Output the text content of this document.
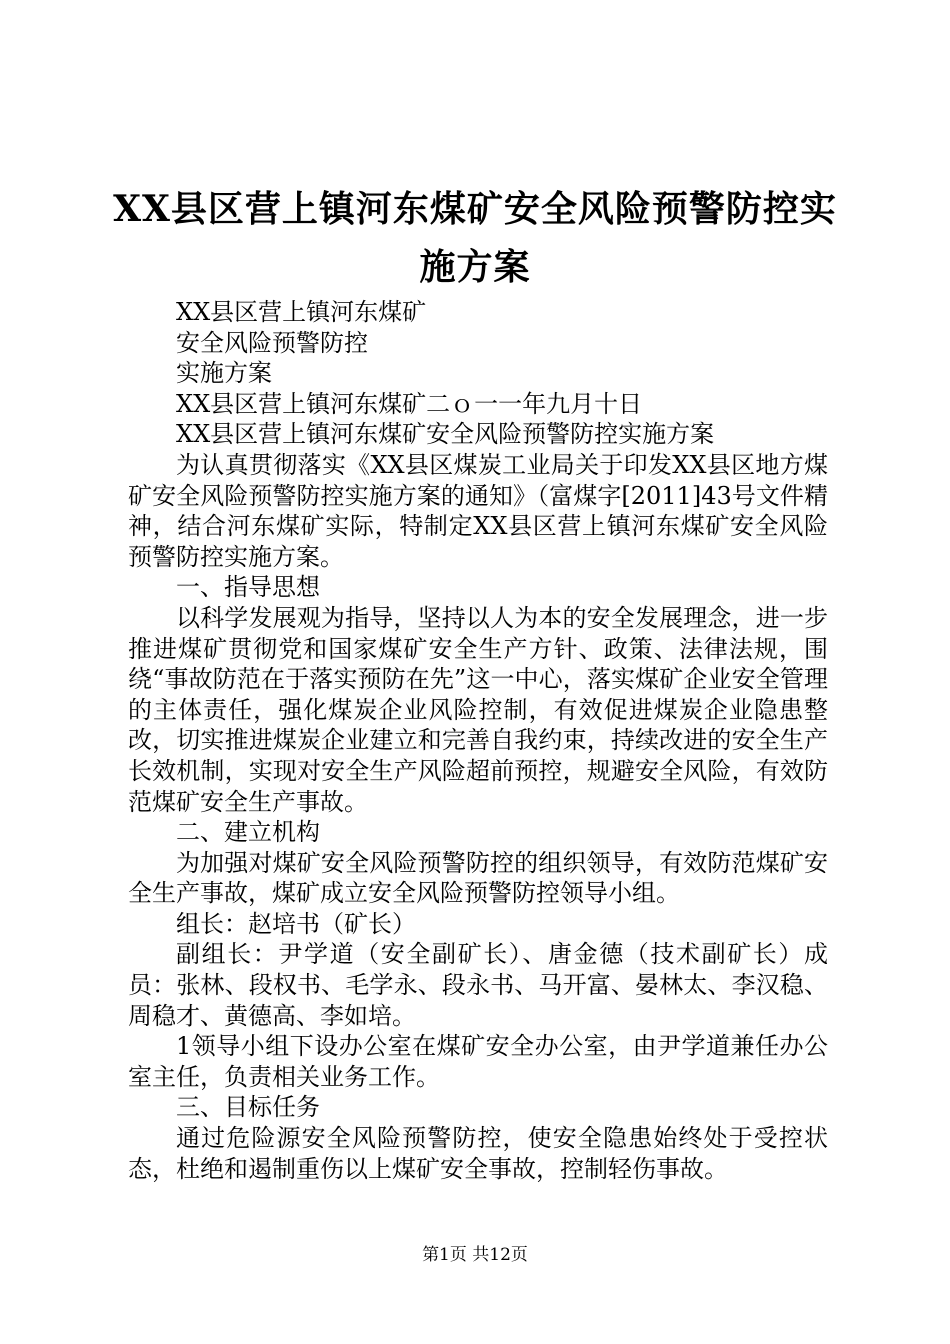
XX县区营上镇河东煤矿安全风险预警防控实施方案

XX县区营上镇河东煤矿

安全风险预警防控

实施方案

XX县区营上镇河东煤矿二ｏ一一年九月十日

XX县区营上镇河东煤矿安全风险预警防控实施方案

为认真贯彻落实《XX县区煤炭工业局关于印发XX县区地方煤矿安全风险预警防控实施方案的通知》（富煤字[2011]43号文件精神，结合河东煤矿实际，特制定XX县区营上镇河东煤矿安全风险预警防控实施方案。

一、指导思想

以科学发展观为指导，坚持以人为本的安全发展理念，进一步推进煤矿贯彻党和国家煤矿安全生产方针、政策、法律法规，围绕“事故防范在于落实预防在先”这一中心，落实煤矿企业安全管理的主体责任，强化煤炭企业风险控制，有效促进煤炭企业隐患整改，切实推进煤炭企业建立和完善自我约束，持续改进的安全生产长效机制，实现对安全生产风险超前预控，规避安全风险，有效防范煤矿安全生产事故。

二、建立机构

为加强对煤矿安全风险预警防控的组织领导，有效防范煤矿安全生产事故，煤矿成立安全风险预警防控领导小组。

组长：赵培书（矿长）

副组长：尹学道（安全副矿长）、唐金德（技术副矿长）成员：张林、段权书、毛学永、段永书、马开富、晏林太、李汉稳、周稳才、黄德高、李如培。

1领导小组下设办公室在煤矿安全办公室，由尹学道兼任办公室主任，负责相关业务工作。

三、目标任务

通过危险源安全风险预警防控，使安全隐患始终处于受控状态，杜绝和遏制重伤以上煤矿安全事故，控制轻伤事故。

第1页 共12页
